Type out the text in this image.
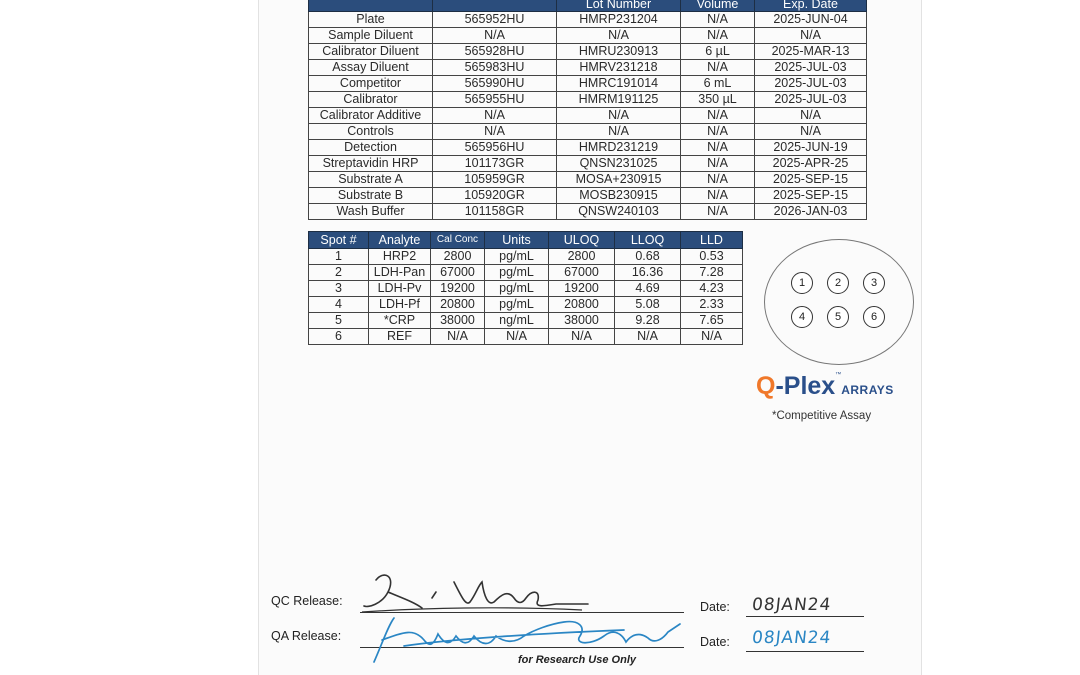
		Lot Number	Volume	Exp. Date
Plate	565952HU	HMRP231204	N/A	2025-JUN-04
Sample Diluent	N/A	N/A	N/A	N/A
Calibrator Diluent	565928HU	HMRU230913	6 µL	2025-MAR-13
Assay Diluent	565983HU	HMRV231218	N/A	2025-JUL-03
Competitor	565990HU	HMRC191014	6 mL	2025-JUL-03
Calibrator	565955HU	HMRM191125	350 µL	2025-JUL-03
Calibrator Additive	N/A	N/A	N/A	N/A
Controls	N/A	N/A	N/A	N/A
Detection	565956HU	HMRD231219	N/A	2025-JUN-19
Streptavidin HRP	101173GR	QNSN231025	N/A	2025-APR-25
Substrate A	105959GR	MOSA+230915	N/A	2025-SEP-15
Substrate B	105920GR	MOSB230915	N/A	2025-SEP-15
Wash Buffer	101158GR	QNSW240103	N/A	2026-JAN-03
Spot #	Analyte	Cal Conc	Units	ULOQ	LLOQ	LLD
1	HRP2	2800	pg/mL	2800	0.68	0.53
2	LDH-Pan	67000	pg/mL	67000	16.36	7.28
3	LDH-Pv	19200	pg/mL	19200	4.69	4.23
4	LDH-Pf	20800	pg/mL	20800	5.08	2.33
5	*CRP	38000	ng/mL	38000	9.28	7.65
6	REF	N/A	N/A	N/A	N/A	N/A
1	2	3
4	5	6
Q-Plex™ARRAYS
*Competitive Assay
QC Release:	Date: 08JAN24
QA Release:	Date: 08JAN24
for Research Use Only
